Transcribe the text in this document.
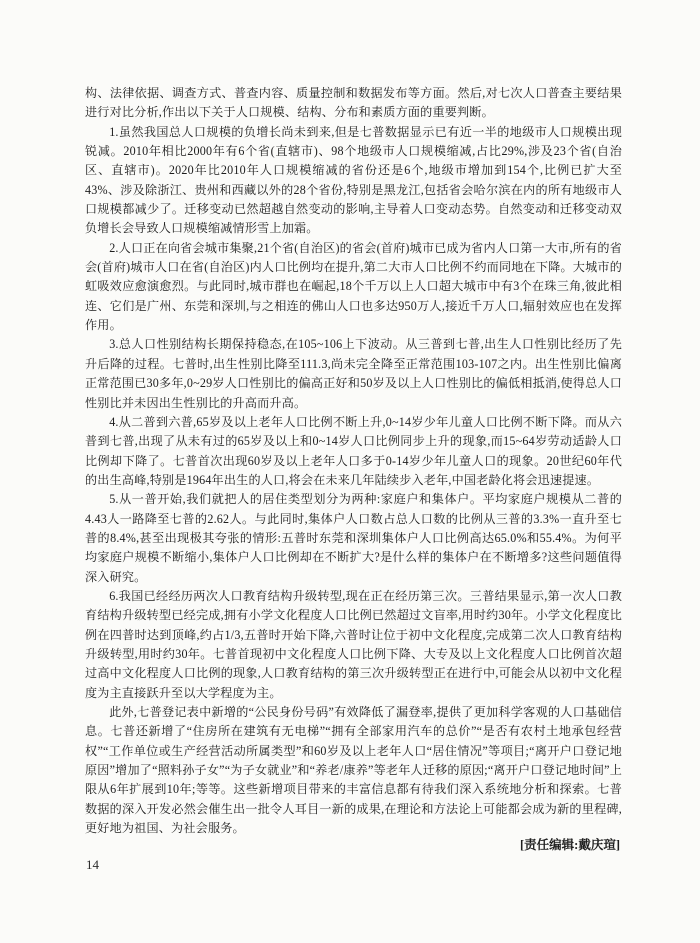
构、法律依据、调查方式、普查内容、质量控制和数据发布等方面。然后,对七次人口普查主要结果进行对比分析,作出以下关于人口规模、结构、分布和素质方面的重要判断。

1.虽然我国总人口规模的负增长尚未到来,但是七普数据显示已有近一半的地级市人口规模出现锐减。2010年相比2000年有6个省(直辖市)、98个地级市人口规模缩减,占比29%,涉及23个省(自治区、直辖市)。2020年比2010年人口规模缩减的省份还是6个,地级市增加到154个,比例已扩大至43%、涉及除浙江、贵州和西藏以外的28个省份,特别是黑龙江,包括省会哈尔滨在内的所有地级市人口规模都减少了。迁移变动已然超越自然变动的影响,主导着人口变动态势。自然变动和迁移变动双负增长会导致人口规模缩减情形雪上加霜。

2.人口正在向省会城市集聚,21个省(自治区)的省会(首府)城市已成为省内人口第一大市,所有的省会(首府)城市人口在省(自治区)内人口比例均在提升,第二大市人口比例不约而同地在下降。大城市的虹吸效应愈演愈烈。与此同时,城市群也在崛起,18个千万以上人口超大城市中有3个在珠三角,彼此相连、它们是广州、东莞和深圳,与之相连的佛山人口也多达950万人,接近千万人口,辐射效应也在发挥作用。

3.总人口性别结构长期保持稳态,在105~106上下波动。从三普到七普,出生人口性别比经历了先升后降的过程。七普时,出生性别比降至111.3,尚未完全降至正常范围103-107之内。出生性别比偏离正常范围已30多年,0~29岁人口性别比的偏高正好和50岁及以上人口性别比的偏低相抵消,使得总人口性别比并未因出生性别比的升高而升高。

4.从二普到六普,65岁及以上老年人口比例不断上升,0~14岁少年儿童人口比例不断下降。而从六普到七普,出现了从未有过的65岁及以上和0~14岁人口比例同步上升的现象,而15~64岁劳动适龄人口比例却下降了。七普首次出现60岁及以上老年人口多于0-14岁少年儿童人口的现象。20世纪60年代的出生高峰,特别是1964年出生的人口,将会在未来几年陆续步入老年,中国老龄化将会迅速提速。

5.从一普开始,我们就把人的居住类型划分为两种:家庭户和集体户。平均家庭户规模从二普的4.43人一路降至七普的2.62人。与此同时,集体户人口数占总人口数的比例从三普的3.3%一直升至七普的8.4%,甚至出现极其夸张的情形:五普时东莞和深圳集体户人口比例高达65.0%和55.4%。为何平均家庭户规模不断缩小,集体户人口比例却在不断扩大?是什么样的集体户在不断增多?这些问题值得深入研究。

6.我国已经经历两次人口教育结构升级转型,现在正在经历第三次。三普结果显示,第一次人口教育结构升级转型已经完成,拥有小学文化程度人口比例已然超过文盲率,用时约30年。小学文化程度比例在四普时达到顶峰,约占1/3,五普时开始下降,六普时让位于初中文化程度,完成第二次人口教育结构升级转型,用时约30年。七普首现初中文化程度人口比例下降、大专及以上文化程度人口比例首次超过高中文化程度人口比例的现象,人口教育结构的第三次升级转型正在进行中,可能会从以初中文化程度为主直接跃升至以大学程度为主。

此外,七普登记表中新增的“公民身份号码”有效降低了漏登率,提供了更加科学客观的人口基础信息。七普还新增了“住房所在建筑有无电梯”“拥有全部家用汽车的总价”“是否有农村土地承包经营权”“工作单位或生产经营活动所属类型”和60岁及以上老年人口“居住情况”等项目;“离开户口登记地原因”增加了“照料孙子女”“为子女就业”和“养老/康养”等老年人迁移的原因;“离开户口登记地时间”上限从6年扩展到10年;等等。这些新增项目带来的丰富信息都有待我们深入系统地分析和探索。七普数据的深入开发必然会催生出一批令人耳目一新的成果,在理论和方法论上可能都会成为新的里程碑,更好地为祖国、为社会服务。

[责任编辑:戴庆瑄]
14
